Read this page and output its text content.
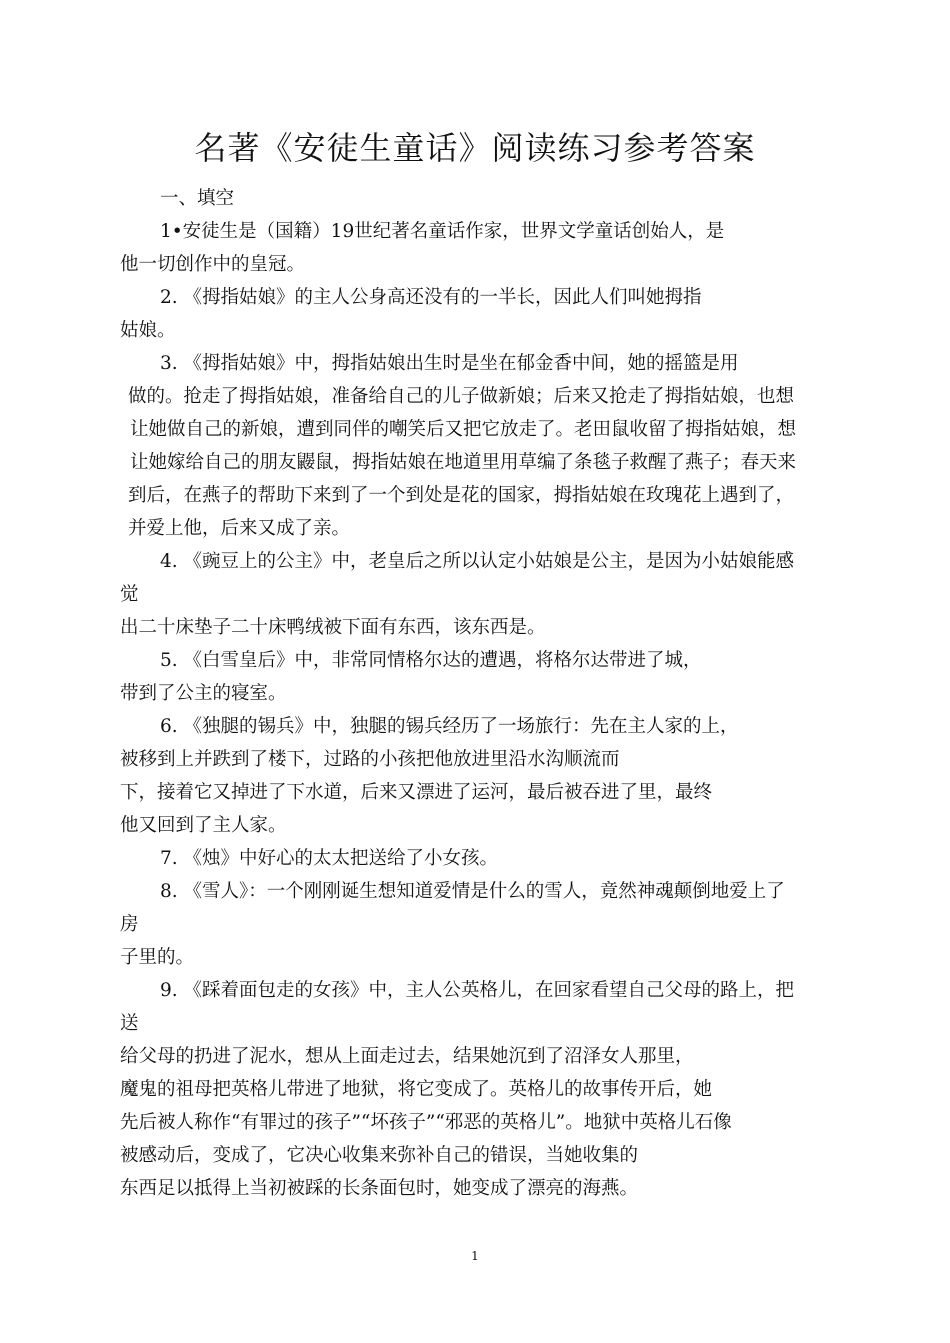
名著《安徒生童话》阅读练习参考答案
一、填空
1•安徒生是（国籍）19世纪著名童话作家，世界文学童话创始人，是
他一切创作中的皇冠。
2. 《拇指姑娘》的主人公身高还没有的一半长，因此人们叫她拇指
姑娘。
3. 《拇指姑娘》中，拇指姑娘出生时是坐在郁金香中间，她的摇篮是用
做的。抢走了拇指姑娘，准备给自己的儿子做新娘；后来又抢走了拇指姑娘，也想
让她做自己的新娘，遭到同伴的嘲笑后又把它放走了。老田鼠收留了拇指姑娘，想
让她嫁给自己的朋友鼹鼠，拇指姑娘在地道里用草编了条毯子救醒了燕子；春天来
到后，在燕子的帮助下来到了一个到处是花的国家，拇指姑娘在玫瑰花上遇到了，
并爱上他，后来又成了亲。
4. 《豌豆上的公主》中，老皇后之所以认定小姑娘是公主，是因为小姑娘能感
觉
出二十床垫子二十床鸭绒被下面有东西，该东西是。
5. 《白雪皇后》中，非常同情格尔达的遭遇，将格尔达带进了城，
带到了公主的寝室。
6. 《独腿的锡兵》中，独腿的锡兵经历了一场旅行：先在主人家的上，
被移到上并跌到了楼下，过路的小孩把他放进里沿水沟顺流而
下，接着它又掉进了下水道，后来又漂进了运河，最后被吞进了里，最终
他又回到了主人家。
7. 《烛》中好心的太太把送给了小女孩。
8. 《雪人》：一个刚刚诞生想知道爱情是什么的雪人，竟然神魂颠倒地爱上了
房
子里的。
9. 《踩着面包走的女孩》中，主人公英格儿，在回家看望自己父母的路上，把
送
给父母的扔进了泥水，想从上面走过去，结果她沉到了沼泽女人那里，
魔鬼的祖母把英格儿带进了地狱，将它变成了。英格儿的故事传开后，她
先后被人称作“有罪过的孩子”“坏孩子”“邪恶的英格儿”。地狱中英格儿石像
被感动后，变成了，它决心收集来弥补自己的错误，当她收集的
东西足以抵得上当初被踩的长条面包时，她变成了漂亮的海燕。
1
